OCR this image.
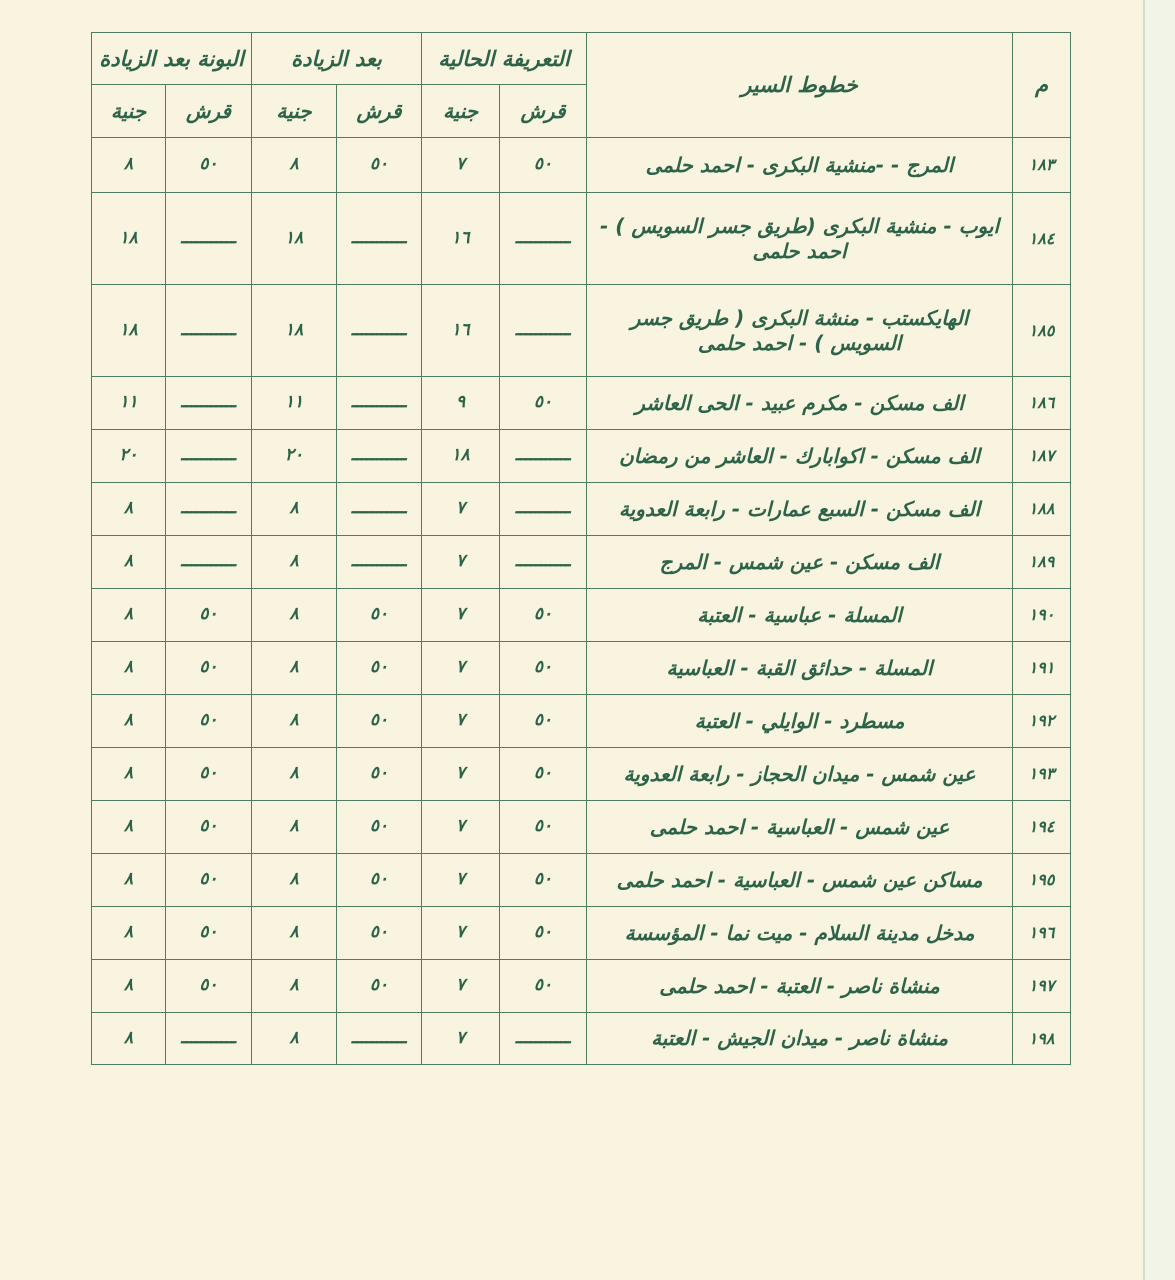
م	خطوط السير	التعريفة الحالية		بعد الزيادة		البونة بعد الزيادة	
		قرش	جنية	قرش	جنية	قرش	جنية
١٨٣	المرج - -منشية البكرى - احمد حلمى	٥٠	٧	٥٠	٨	٥٠	٨
١٨٤	ايوب - منشية البكرى (طريق جسر السويس ) - احمد حلمى	ـــــــــــ	١٦	ـــــــــــ	١٨	ـــــــــــ	١٨
١٨٥	الهايكستب - منشة البكرى ( طريق جسر السويس ) - احمد حلمى	ـــــــــــ	١٦	ـــــــــــ	١٨	ـــــــــــ	١٨
١٨٦	الف مسكن - مكرم عبيد - الحى العاشر	٥٠	٩	ـــــــــــ	١١	ـــــــــــ	١١
١٨٧	الف مسكن - اكوابارك - العاشر من رمضان	ـــــــــــ	١٨	ـــــــــــ	٢٠	ـــــــــــ	٢٠
١٨٨	الف مسكن - السبع عمارات - رابعة العدوية	ـــــــــــ	٧	ـــــــــــ	٨	ـــــــــــ	٨
١٨٩	الف مسكن - عين شمس - المرج	ـــــــــــ	٧	ـــــــــــ	٨	ـــــــــــ	٨
١٩٠	المسلة - عباسية - العتبة	٥٠	٧	٥٠	٨	٥٠	٨
١٩١	المسلة - حدائق القبة - العباسية	٥٠	٧	٥٠	٨	٥٠	٨
١٩٢	مسطرد - الوايلي - العتبة	٥٠	٧	٥٠	٨	٥٠	٨
١٩٣	عين شمس - ميدان الحجاز - رابعة العدوية	٥٠	٧	٥٠	٨	٥٠	٨
١٩٤	عين شمس - العباسية - احمد حلمى	٥٠	٧	٥٠	٨	٥٠	٨
١٩٥	مساكن عين شمس - العباسية - احمد حلمى	٥٠	٧	٥٠	٨	٥٠	٨
١٩٦	مدخل مدينة السلام - ميت نما - المؤسسة	٥٠	٧	٥٠	٨	٥٠	٨
١٩٧	منشاة ناصر - العتبة - احمد حلمى	٥٠	٧	٥٠	٨	٥٠	٨
١٩٨	منشاة ناصر - ميدان الجيش - العتبة	ـــــــــــ	٧	ـــــــــــ	٨	ـــــــــــ	٨
